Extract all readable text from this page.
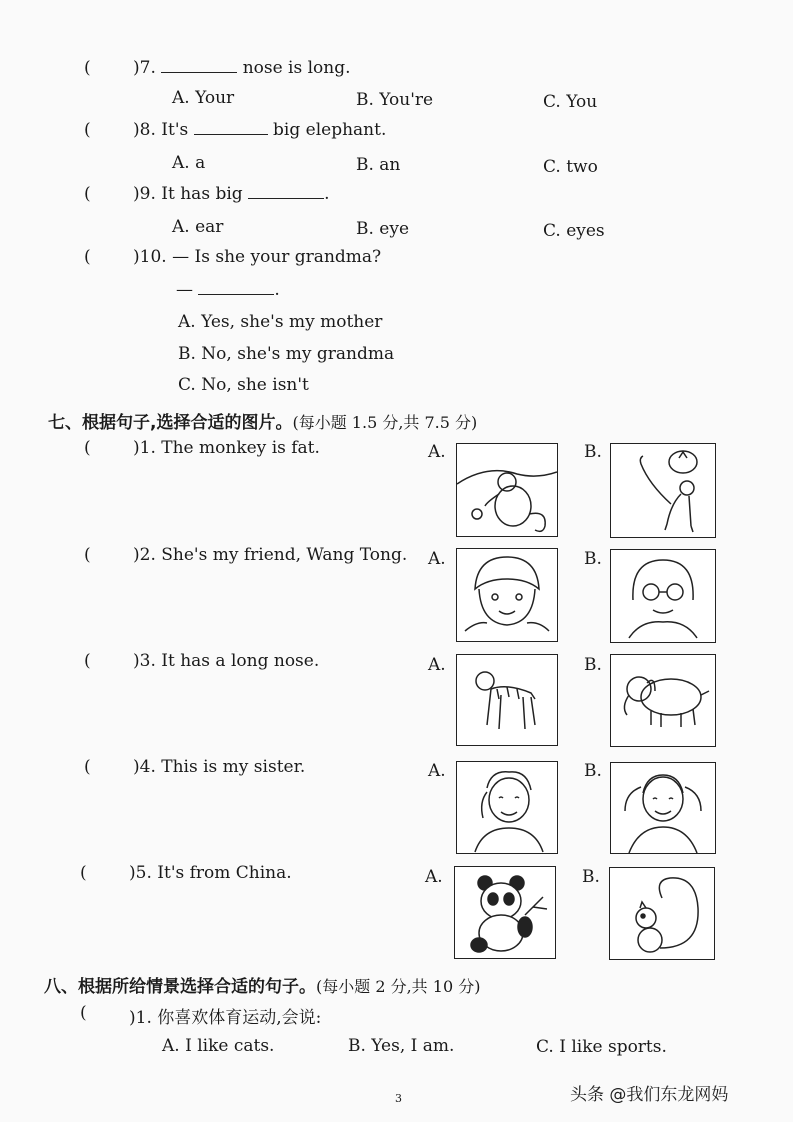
( )7.	nose is long.
A. Your	B. You're	C. You
( )8. It's	big elephant.
A. a	B. an	C. two
( )9. It has big	.
A. ear	B. eye	C. eyes
( )10. — Is she your grandma?
—	.
A. Yes, she's my mother
B. No, she's my grandma
C. No, she isn't
七、根据句子,选择合适的图片。(每小题 1.5 分,共 7.5 分)
( )1. The monkey is fat.	A.	B.
( )2. She's my friend, Wang Tong. A.	B.
( )3. It has a long nose.	A.	B.
( )4. This is my sister.	A.	B.
( )5. It's from China.	A.	B.
八、根据所给情景选择合适的句子。(每小题 2 分,共 10 分)
( )1. 你喜欢体育运动,会说:
A. I like cats.	B. Yes, I am.	C. I like sports.
3	头条 @我们东龙网妈
